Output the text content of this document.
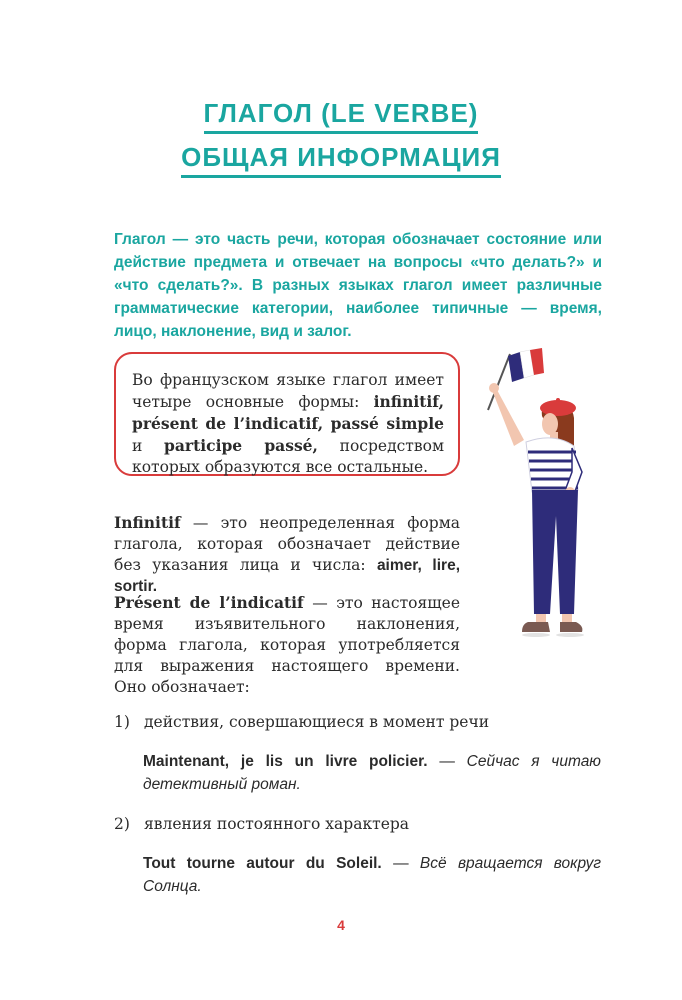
ГЛАГОЛ (LE VERBE)
ОБЩАЯ ИНФОРМАЦИЯ

Глагол — это часть речи, которая обозначает состояние или действие предмета и отвечает на вопросы «что делать?» и «что сделать?». В разных языках глагол имеет различные грамматические категории, наиболее типичные — время, лицо, наклонение, вид и залог.

Во французском языке глагол имеет четыре основные формы: infinitif, présent de l’indicatif, passé simple и participe passé, посредством которых образуются все остальные.

Infinitif — это неопределенная форма глагола, которая обозначает действие без указания лица и числа: aimer, lire, sortir.

Présent de l’indicatif — это настоящее время изъявительного наклонения, форма глагола, которая употребляется для выражения настоящего времени. Оно обозначает:

1) действия, совершающиеся в момент речи

Maintenant, je lis un livre policier. — Сейчас я читаю детективный роман.

2) явления постоянного характера

Tout tourne autour du Soleil. — Всё вращается вокруг Солнца.

4
